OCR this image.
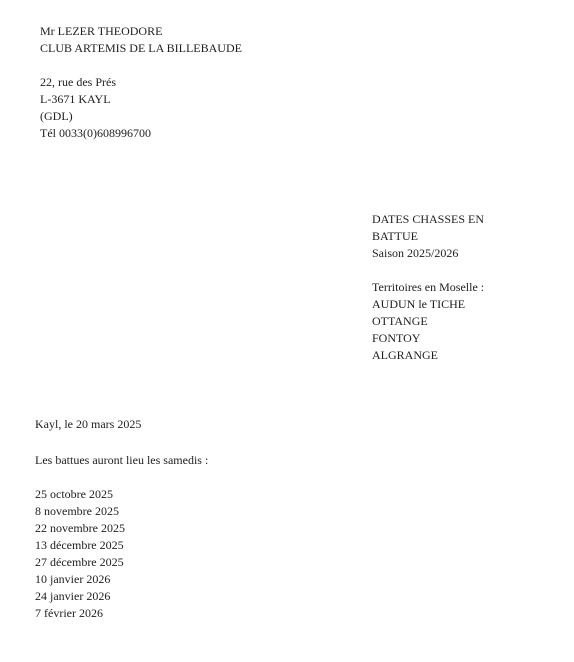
Mr LEZER THEODORE
CLUB ARTEMIS DE LA BILLEBAUDE
22, rue des Prés
L-3671 KAYL
(GDL)
Tél 0033(0)608996700
DATES CHASSES EN
BATTUE
Saison 2025/2026
Territoires en Moselle :
AUDUN le TICHE
OTTANGE
FONTOY
ALGRANGE
Kayl, le 20 mars 2025
Les battues auront lieu les samedis :
25 octobre 2025
8 novembre 2025
22 novembre 2025
13 décembre 2025
27 décembre 2025
10 janvier 2026
24 janvier 2026
7 février 2026
